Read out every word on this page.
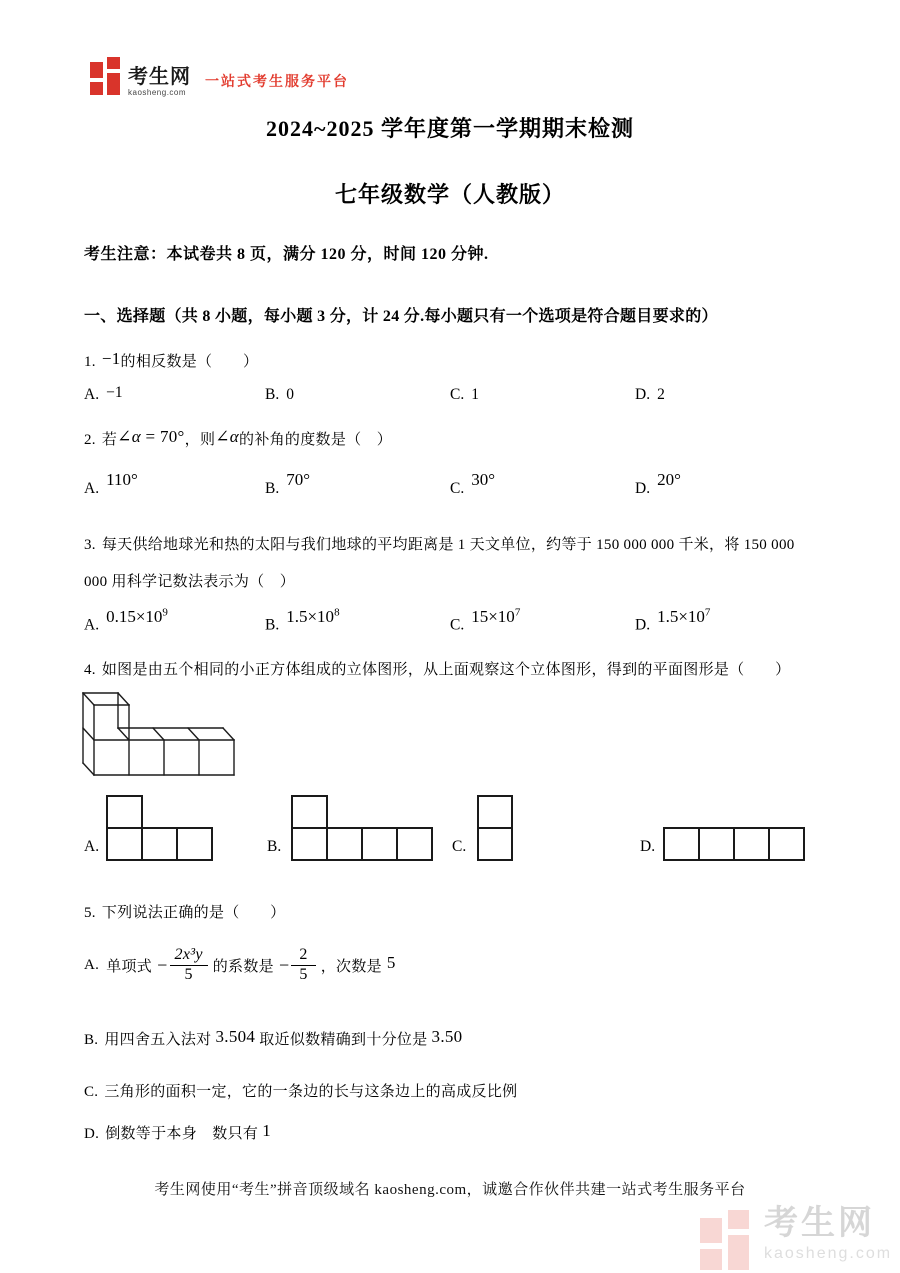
考生网
kaosheng.com
一站式考生服务平台
2024~2025 学年度第一学期期末检测
七年级数学（人教版）
考生注意：本试卷共 8 页，满分 120 分，时间 120 分钟.
一、选择题（共 8 小题，每小题 3 分，计 24 分.每小题只有一个选项是符合题目要求的）
1. −1的相反数是（　　）
A. −1	B. 0	C. 1	D. 2
2. 若∠α = 70°，则∠α的补角的度数是（　）
A. 110°	B. 70°	C. 30°	D. 20°
3. 每天供给地球光和热的太阳与我们地球的平均距离是 1 天文单位，约等于 150 000 000 千米，将 150 000
000 用科学记数法表示为（　）
A. $0.15\times 10^9$
B. $1.5\times 10^8$
C. $15\times 10^7$
D. $1.5\times 10^7$
4. 如图是由五个相同的小正方体组成的立体图形，从上面观察这个立体图形，得到的平面图形是（　　）
A.	B.	C.	D.
5. 下列说法正确的是（　　）
A. 单项式 − $\frac{\text{2x³y}}{5}$ 的系数是 − $\frac{2}{5}$ ，次数是 5
B. 用四舍五入法对 3.504 取近似数精确到十分位是 3.50
C. 三角形的面积一定，它的一条边的长与这条边上的高成反比例
D. 倒数等于本身　数只有 1
考生网使用“考生”拼音顶级域名 kaosheng.com，诚邀合作伙伴共建一站式考生服务平台
考生网
kaosheng.com
